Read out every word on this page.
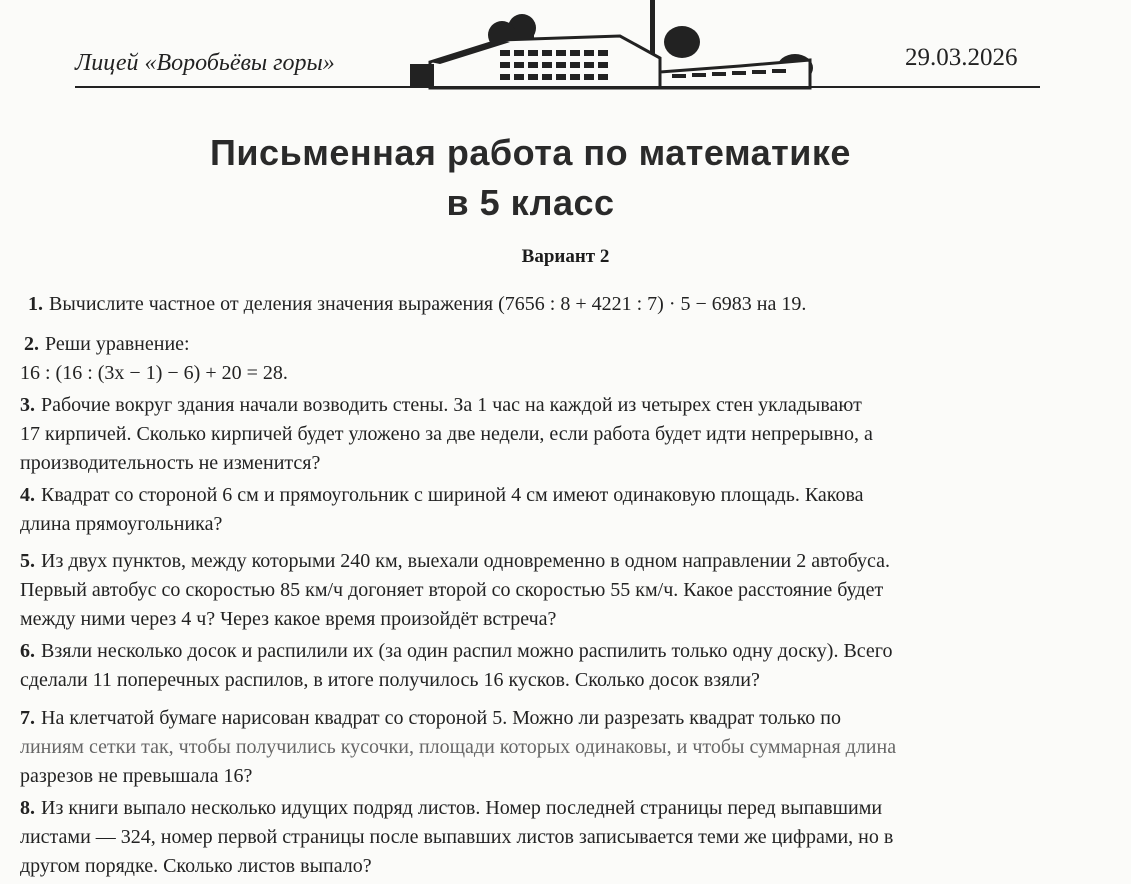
Лицей «Воробьёвы горы»	29.03.2026
Письменная работа по математике
в 5 класс
Вариант 2
1. Вычислите частное от деления значения выражения (7656 : 8 + 4221 : 7) · 5 − 6983 на 19.
2. Реши уравнение:
16 : (16 : (3x − 1) − 6) + 20 = 28.
3. Рабочие вокруг здания начали возводить стены. За 1 час на каждой из четырех стен укладывают
17 кирпичей. Сколько кирпичей будет уложено за две недели, если работа будет идти непрерывно, а
производительность не изменится?
4. Квадрат со стороной 6 см и прямоугольник с шириной 4 см имеют одинаковую площадь. Какова
длина прямоугольника?
5. Из двух пунктов, между которыми 240 км, выехали одновременно в одном направлении 2 автобуса.
Первый автобус со скоростью 85 км/ч догоняет второй со скоростью 55 км/ч. Какое расстояние будет
между ними через 4 ч? Через какое время произойдёт встреча?
6. Взяли несколько досок и распилили их (за один распил можно распилить только одну доску). Всего
сделали 11 поперечных распилов, в итоге получилось 16 кусков. Сколько досок взяли?
7. На клетчатой бумаге нарисован квадрат со стороной 5. Можно ли разрезать квадрат только по
линиям сетки так, чтобы получились кусочки, площади которых одинаковы, и чтобы суммарная длина
разрезов не превышала 16?
8. Из книги выпало несколько идущих подряд листов. Номер последней страницы перед выпавшими
листами — 324, номер первой страницы после выпавших листов записывается теми же цифрами, но в
другом порядке. Сколько листов выпало?
